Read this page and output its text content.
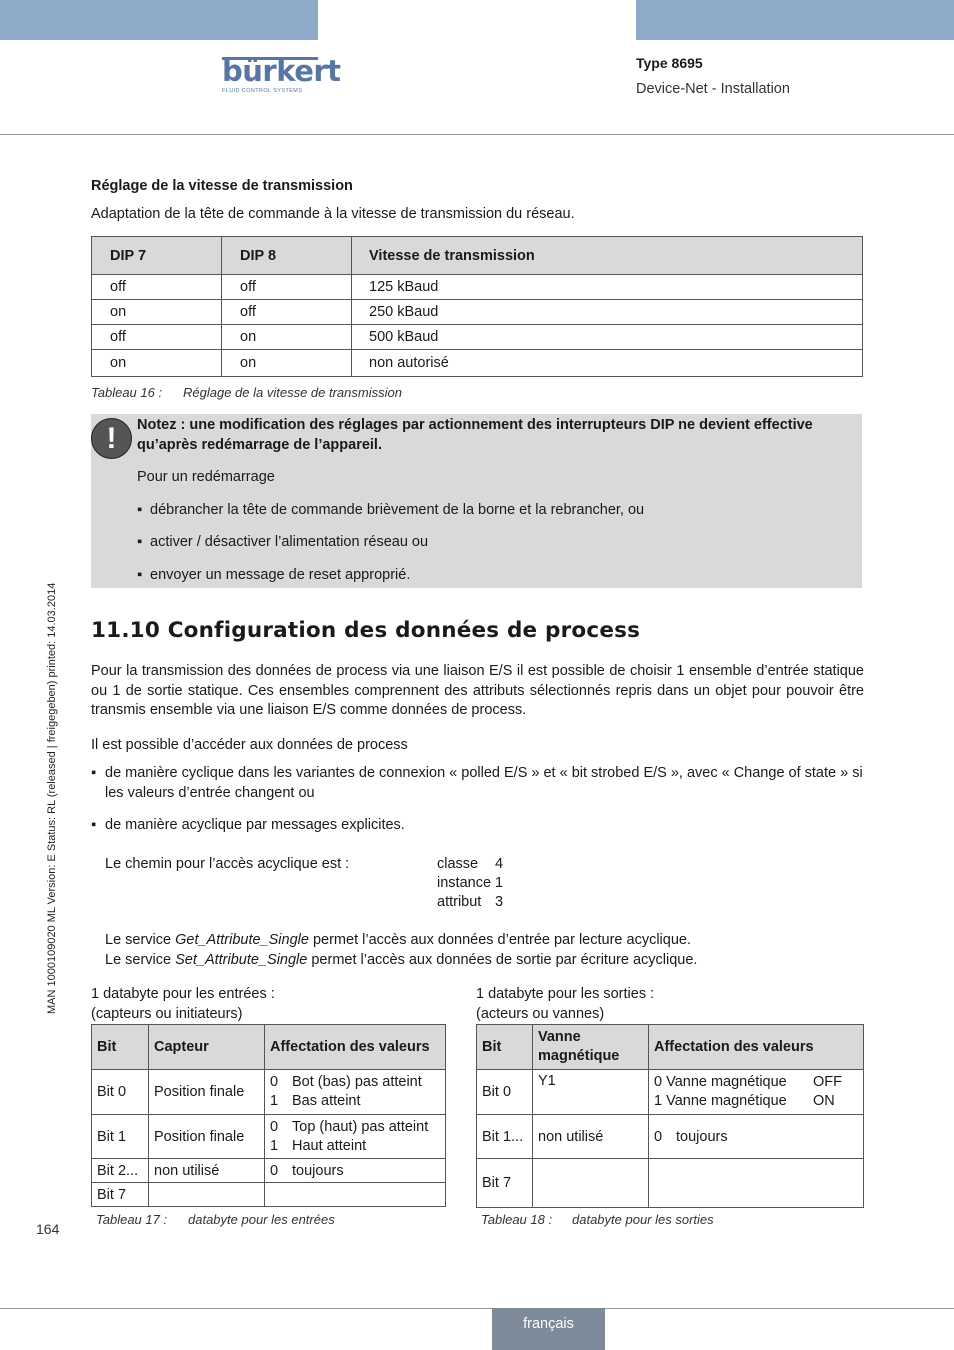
bürkert
FLUID CONTROL SYSTEMS
Type 8695
Device-Net - Installation
MAN 1000109020 ML Version: E Status: RL (released | freigegeben) printed: 14.03.2014
Réglage de la vitesse de transmission
Adaptation de la tête de commande à la vitesse de transmission du réseau.
DIP 7	DIP 8	Vitesse de transmission
off	off	125 kBaud
on	off	250 kBaud
off	on	500 kBaud
on	on	non autorisé
Tableau 16 : Réglage de la vitesse de transmission
!	Notez : une modification des réglages par actionnement des interrupteurs DIP ne devient effective qu’après redémarrage de l’appareil.
Pour un redémarrage
▪ débrancher la tête de commande brièvement de la borne et la rebrancher, ou
▪ activer / désactiver l’alimentation réseau ou
▪ envoyer un message de reset approprié.
11.10 Configuration des données de process
Pour la transmission des données de process via une liaison E/S il est possible de choisir 1 ensemble d’entrée statique ou 1 de sortie statique. Ces ensembles comprennent des attributs sélectionnés repris dans un objet pour pouvoir être transmis ensemble via une liaison E/S comme données de process.
Il est possible d’accéder aux données de process
▪ de manière cyclique dans les variantes de connexion « polled E/S » et « bit strobed E/S », avec « Change of state » si les valeurs d’entrée changent ou
▪ de manière acyclique par messages explicites.
Le chemin pour l’accès acyclique est :	classe 4
instance 1
attribut 3
Le service Get_Attribute_Single permet l’accès aux données d’entrée par lecture acyclique.
Le service Set_Attribute_Single permet l’accès aux données de sortie par écriture acyclique.
1 databyte pour les entrées :
(capteurs ou initiateurs)
Bit	Capteur	Affectation des valeurs
Bit 0	Position finale	0 Bot (bas) pas atteint
1 Bas atteint

Bit 1	Position finale	0 Top (haut) pas atteint
1 Haut atteint

Bit 2...	non utilisé	0 toujours
Bit 7		
Tableau 17 : databyte pour les entrées
1 databyte pour les sorties :
(acteurs ou vannes)
Bit	Vanne magnétique	Affectation des valeurs
Bit 0	Y1	0 Vanne magnétique OFF
1 Vanne magnétique ON

Bit 1...	non utilisé	0 toujours
Bit 7		
Tableau 18 : databyte pour les sorties
164
français
